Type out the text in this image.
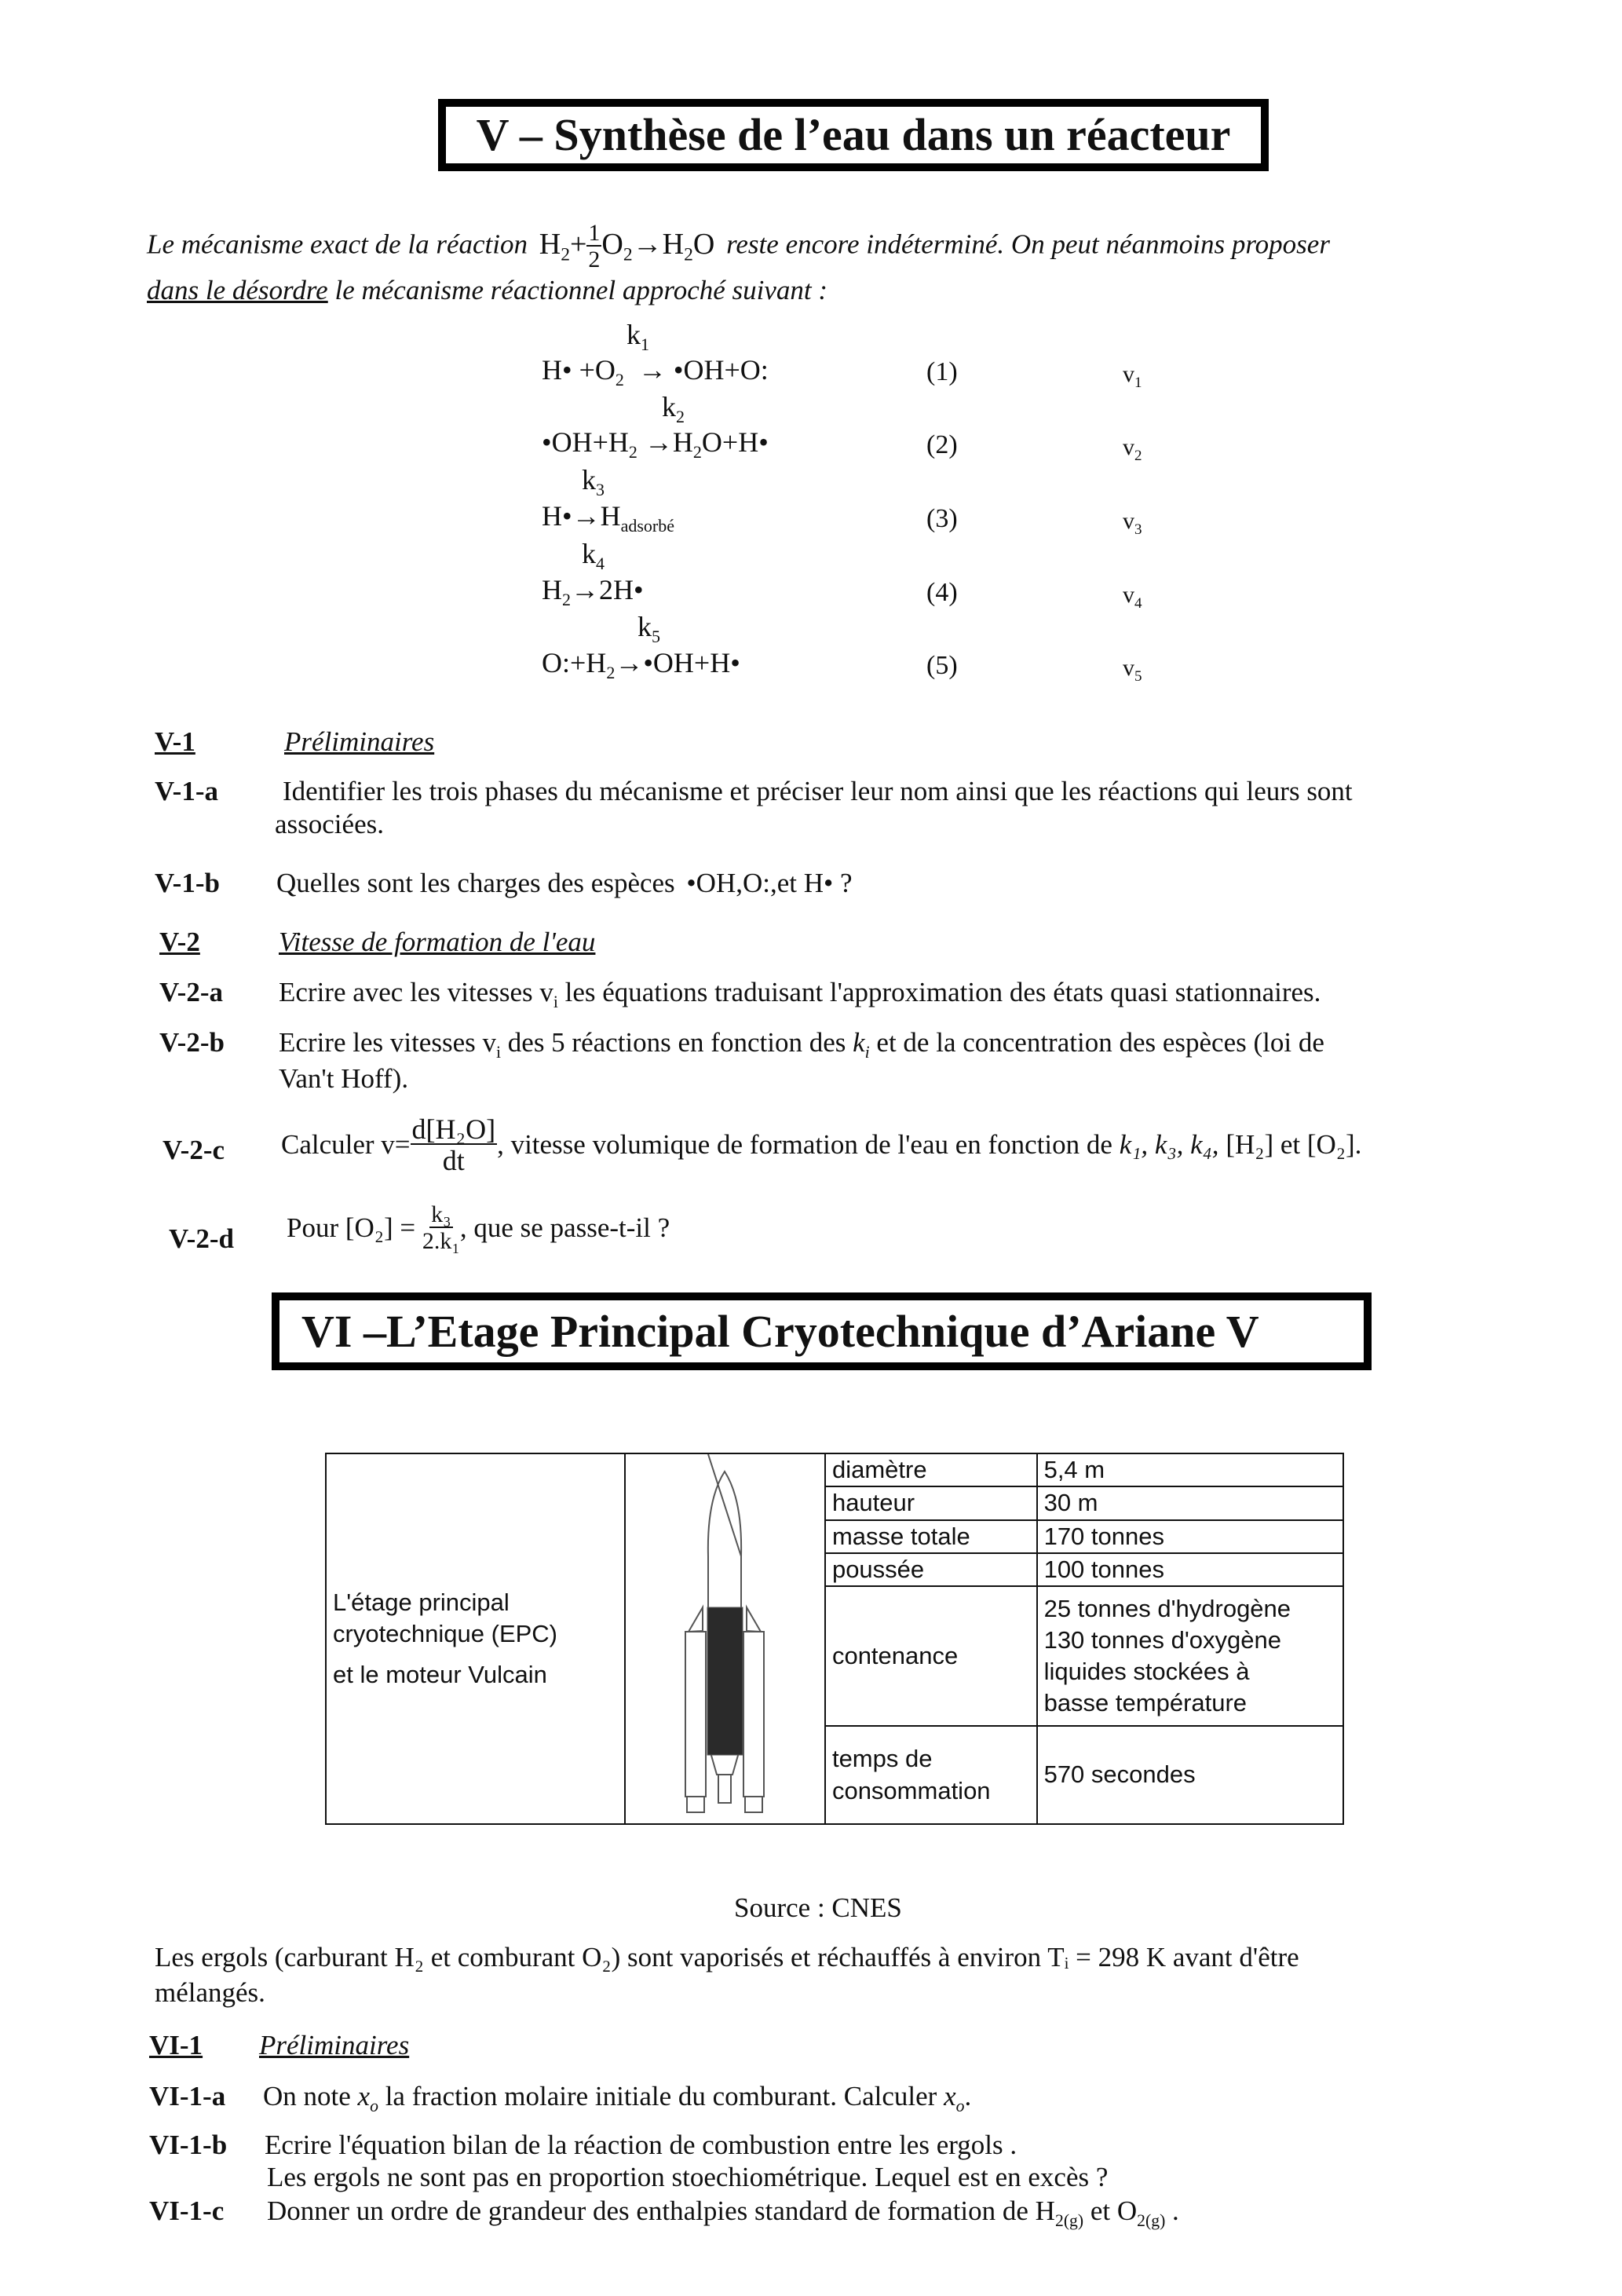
V – Synthèse de l’eau dans un réacteur
Le mécanisme exact de la réaction $H_2+ \frac{1}{2} O_2\to H_2O$ reste encore indéterminé. On peut néanmoins proposer
dans le désordre le mécanisme réactionnel approché suivant :
$k_1$
H• $+O_2$  → •OH+O:	(1)	$v_1$
$k_2$
$•OH+H_2$ $\to H_2O+H•$	(2)	$v_2$
$k_3$
$H•\to H_{adsorbé}$	(3)	$v_3$
$k_4$
$H_2\to 2H•$	(4)	$v_4$
$k_5$
$O:+H_2\to•OH+H•$	(5)	$v_5$
V-1	Préliminaires
V-1-a Identifier les trois phases du mécanisme et préciser leur nom ainsi que les réactions qui leurs sont
associées.
V-1-b Quelles sont les charges des espèces •OH,O:,et H• ?
V-2	Vitesse de formation de l'eau
V-2-a Ecrire avec les vitesses $v_i$ les équations traduisant l'approximation des états quasi stationnaires.
V-2-b Ecrire les vitesses $v_i$ des 5 réactions en fonction des $k_i$ et de la concentration des espèces (loi de
Van't Hoff).
V-2-c Calculer $v= \frac{\text{d[H₂O]}}{dt}$ , vitesse volumique de formation de l'eau en fonction de
k₁, k₃, k₄,
[H₂] et [O₂].
V-2-d Pour [O₂] =
$\frac{\text{k₃}}{\text{2.k₁}}$ , que se passe-t-il ?
VI –L’Etage Principal Cryotechnique d’Ariane V
L'étage principal
cryotechnique (EPC)
et le moteur Vulcain		diamètre	5,4 m
		hauteur	30 m
		masse totale	170 tonnes
		poussée	100 tonnes
		contenance	25 tonnes d'hydrogène
130 tonnes d'oxygène
liquides stockées à
basse température

		temps de
consommation	570 secondes
Source : CNES
Les ergols (carburant H₂ et comburant O₂) sont vaporisés et réchauffés à environ Tᵢ = 298 K avant d'être
mélangés.
VI-1 Préliminaires
VI-1-a On note $x_o$ la fraction molaire initiale du comburant. Calculer $x_o$.
VI-1-b Ecrire l'équation bilan de la réaction de combustion entre les ergols .
Les ergols ne sont pas en proportion stoechiométrique. Lequel est en excès ?
VI-1-c Donner un ordre de grandeur des enthalpies standard de formation de $H_{2(g)}$ et $O_{2(g)}$ .
